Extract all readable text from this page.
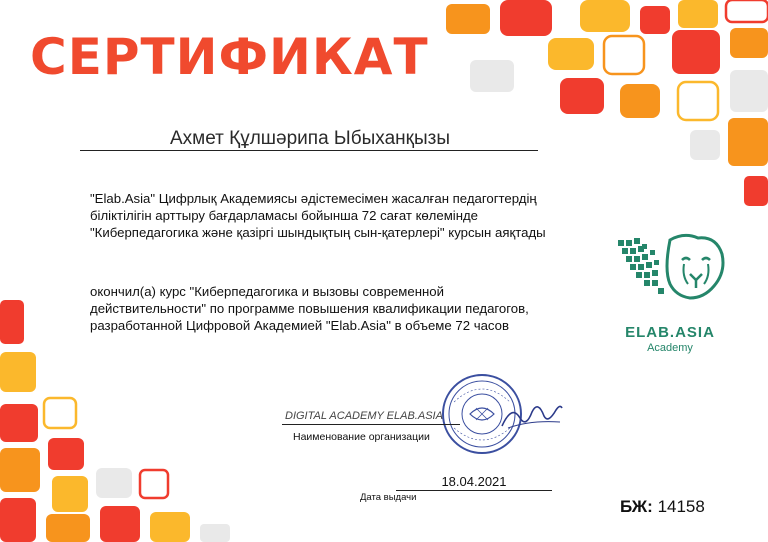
СЕРТИФИКАТ
Ахмет Құлшәрипа Ыбыханқызы
"Elab.Asia" Цифрлық Академиясы әдістемесімен жасалған педагогтердің біліктілігін арттыру бағдарламасы бойынша 72 сағат көлемінде "Киберпедагогика және қазіргі шындықтың сын-қатерлері" курсын аяқтады
окончил(а) курс "Киберпедагогика и вызовы современной действительности" по программе повышения квалификации педагогов, разработанной Цифровой Академией "Elab.Asia" в объеме 72 часов	ELAB.ASIA
Academy
DIGITAL ACADEMY ELAB.ASIA
Наименование организации
18.04.2021
Дата выдачи	БЖ: 14158
